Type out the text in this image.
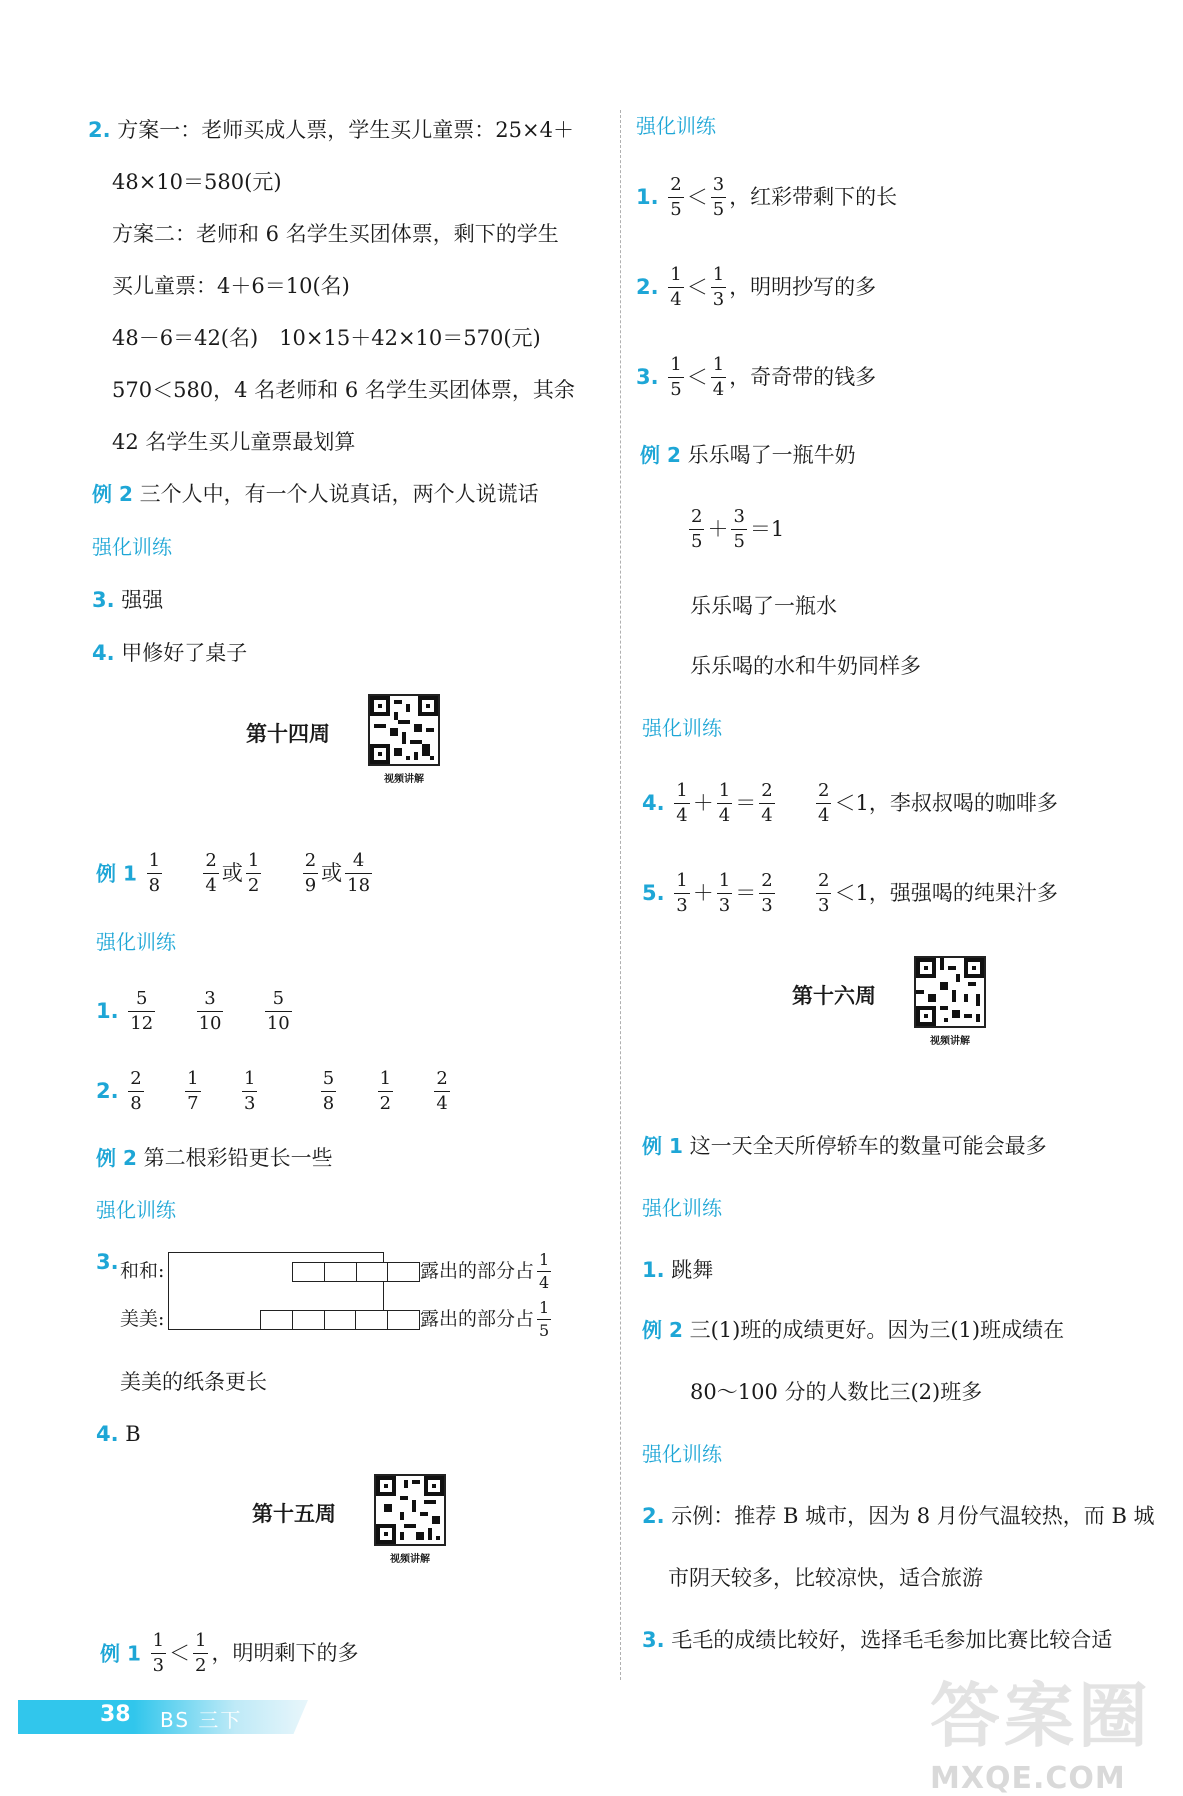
2. 方案一：老师买成人票，学生买儿童票：25×4＋
48×10＝580(元)
方案二：老师和 6 名学生买团体票，剩下的学生
买儿童票：4＋6＝10(名)
48－6＝42(名)　10×15＋42×10＝570(元)
570＜580，4 名老师和 6 名学生买团体票，其余
42 名学生买儿童票最划算
例 2 三个人中，有一个人说真话，两个人说谎话
强化训练
3. 强强
4. 甲修好了桌子
第十四周
视频讲解
例 $1 \frac{1}{8}$
$\frac{2}{4}$ 或 $\frac{1}{2}$
$\frac{2}{9}$ 或 $\frac{4}{18}$
强化训练
1. $\frac{5}{12}$
$\frac{3}{10}$
$\frac{5}{10}$
2. $\frac{2}{8}$
$\frac{1}{7}$
$\frac{1}{3}$
	$\frac{5}{8}$
$\frac{1}{2}$
$\frac{2}{4}$
例 2 第二根彩铅更长一些
强化训练
3. 和和:
美美:
露出的部分占 $\frac{1}{4}$
露出的部分占 $\frac{1}{5}$
美美的纸条更长
4. B
第十五周
视频讲解
例 $1 \frac{1}{3} < \frac{1}{2}$ ，明明剩下的多
强化训练
1. $\frac{2}{5} < \frac{3}{5}$ ，红彩带剩下的长
2. $\frac{1}{4} < \frac{1}{3}$ ，明明抄写的多
3. $\frac{1}{5} < \frac{1}{4}$ ，奇奇带的钱多
例 2 乐乐喝了一瓶牛奶
$\frac{2}{5} + \frac{3}{5} =1$
乐乐喝了一瓶水
乐乐喝的水和牛奶同样多
强化训练
4. $\frac{1}{4} + \frac{1}{4} = \frac{2}{4}$
$\frac{2}{4} <1$，李叔叔喝的咖啡多
5. $\frac{1}{3} + \frac{1}{3} = \frac{2}{3}$
$\frac{2}{3} <1$，强强喝的纯果汁多
第十六周
视频讲解
例 1 这一天全天所停轿车的数量可能会最多
强化训练
1. 跳舞
例 2 三(1)班的成绩更好。因为三(1)班成绩在
80～100 分的人数比三(2)班多
强化训练
2. 示例：推荐 B 城市，因为 8 月份气温较热，而 B 城
市阴天较多，比较凉快，适合旅游
3. 毛毛的成绩比较好，选择毛毛参加比赛比较合适
38 BS 三下	答案圈
MXQE.COM
